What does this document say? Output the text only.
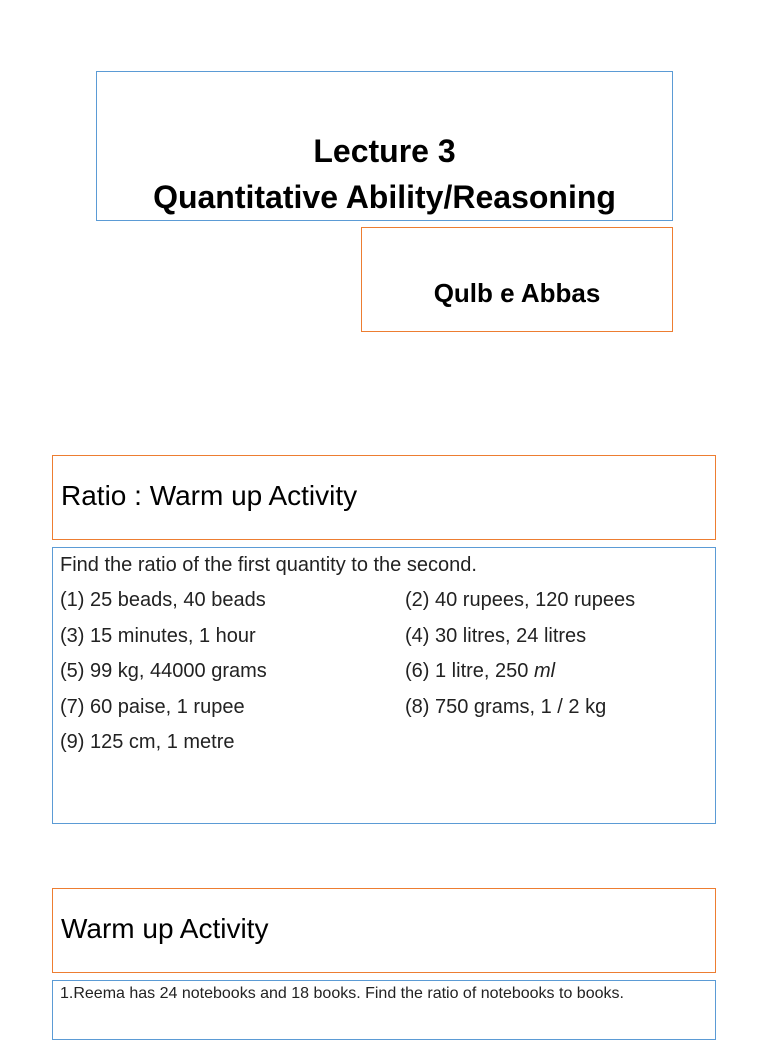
Lecture 3
Quantitative Ability/Reasoning
Qulb e Abbas
Ratio : Warm up Activity
Find the ratio of the first quantity to the second.
(1) 25 beads, 40 beads	(2) 40 rupees, 120 rupees
(3) 15 minutes, 1 hour	(4) 30 litres, 24 litres
(5) 99 kg, 44000 grams	(6) 1 litre, 250 ml
(7) 60 paise, 1 rupee	(8) 750 grams, 1 / 2 kg
(9) 125 cm, 1 metre
Warm up Activity
1.Reema has 24 notebooks and 18 books. Find the ratio of notebooks to books.
